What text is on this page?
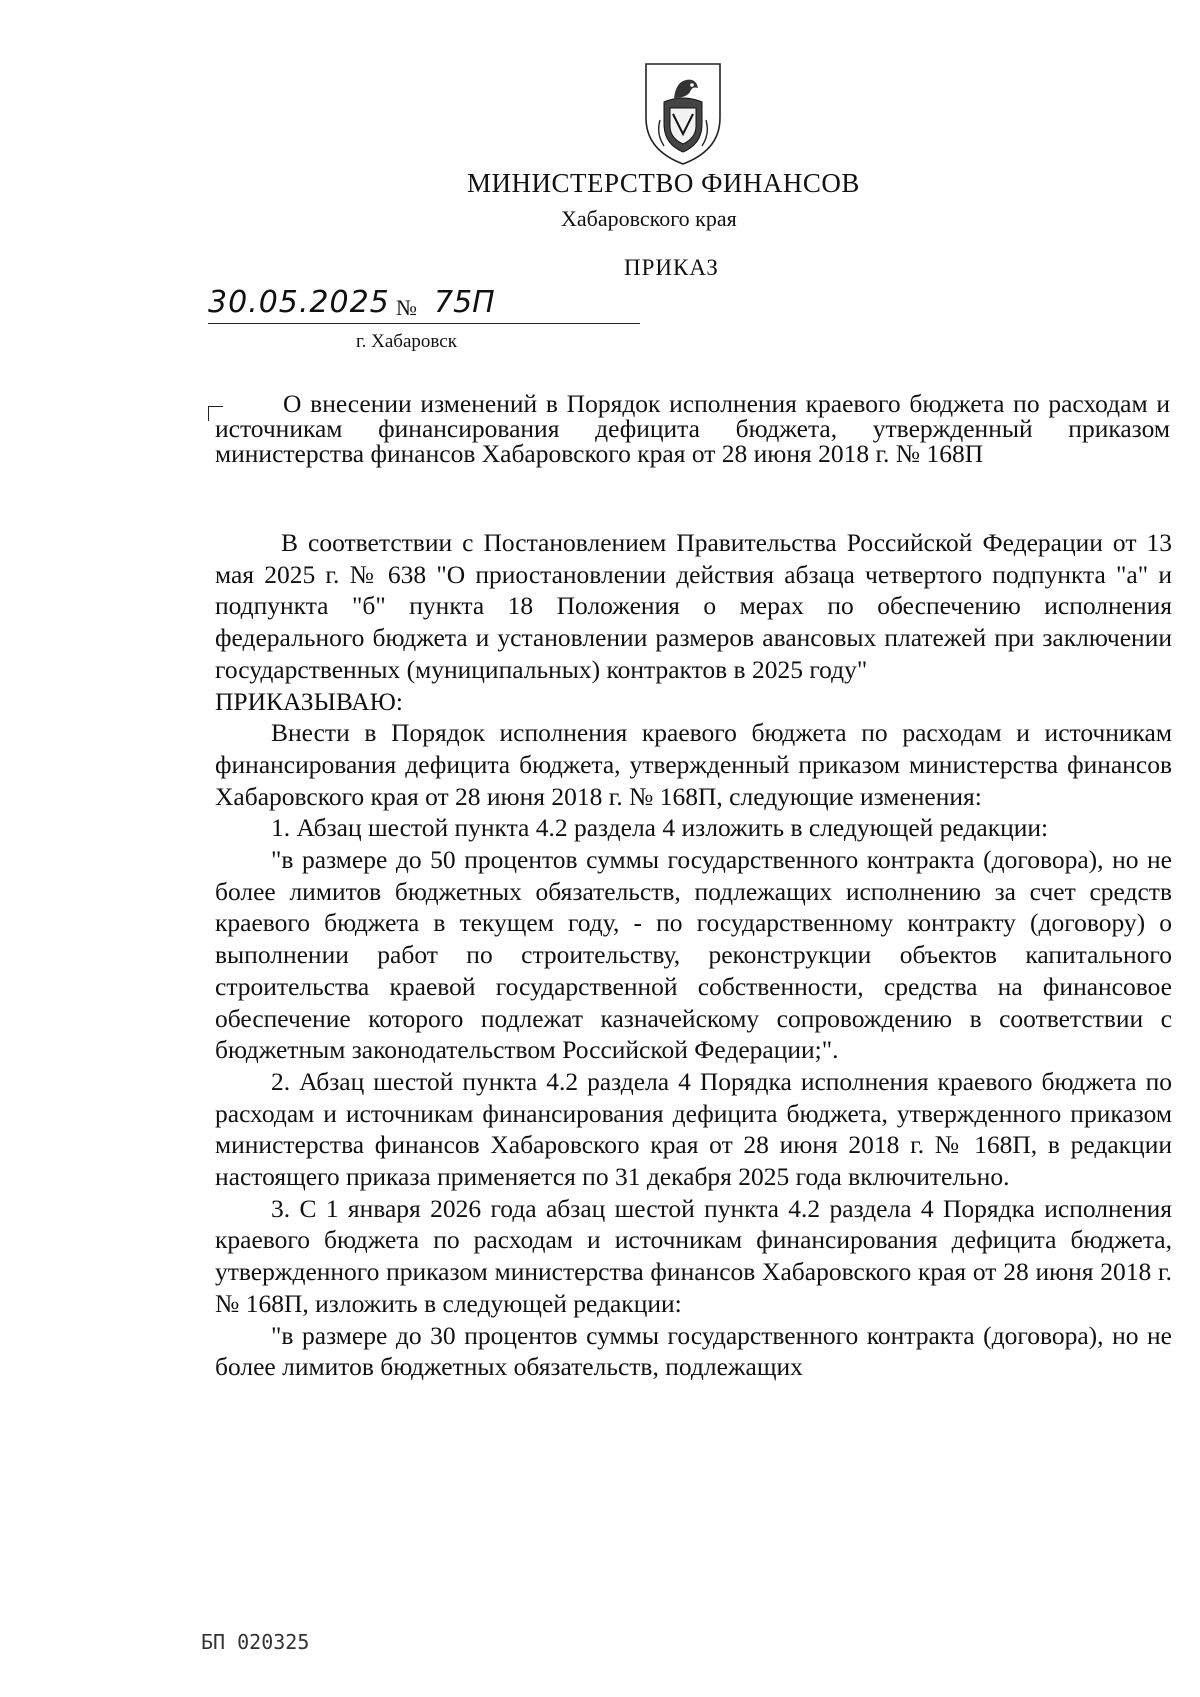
МИНИСТЕРСТВО ФИНАНСОВ
Хабаровского края
ПРИКАЗ
30.05.2025 № 75П
г. Хабаровск
О внесении изменений в Порядок исполнения краевого бюджета по расходам и источникам финансирования дефицита бюджета, утвержденный приказом министерства финансов Хабаровского края от 28 июня 2018 г. № 168П

В соответствии с Постановлением Правительства Российской Федерации от 13 мая 2025 г. № 638 "О приостановлении действия абзаца четвертого подпункта "а" и подпункта "б" пункта 18 Положения о мерах по обеспечению исполнения федерального бюджета и установлении размеров авансовых платежей при заключении государственных (муниципальных) контрактов в 2025 году"

ПРИКАЗЫВАЮ:

Внести в Порядок исполнения краевого бюджета по расходам и источникам финансирования дефицита бюджета, утвержденный приказом министерства финансов Хабаровского края от 28 июня 2018 г. № 168П, следующие изменения:

1. Абзац шестой пункта 4.2 раздела 4 изложить в следующей редакции:

"в размере до 50 процентов суммы государственного контракта (договора), но не более лимитов бюджетных обязательств, подлежащих исполнению за счет средств краевого бюджета в текущем году, - по государственному контракту (договору) о выполнении работ по строительству, реконструкции объектов капитального строительства краевой государственной собственности, средства на финансовое обеспечение которого подлежат казначейскому сопровождению в соответствии с бюджетным законодательством Российской Федерации;".

2. Абзац шестой пункта 4.2 раздела 4 Порядка исполнения краевого бюджета по расходам и источникам финансирования дефицита бюджета, утвержденного приказом министерства финансов Хабаровского края от 28 июня 2018 г. № 168П, в редакции настоящего приказа применяется по 31 декабря 2025 года включительно.

3. С 1 января 2026 года абзац шестой пункта 4.2 раздела 4 Порядка исполнения краевого бюджета по расходам и источникам финансирования дефицита бюджета, утвержденного приказом министерства финансов Хабаровского края от 28 июня 2018 г. № 168П, изложить в следующей редакции:

"в размере до 30 процентов суммы государственного контракта (договора), но не более лимитов бюджетных обязательств, подлежащих

БП 020325
